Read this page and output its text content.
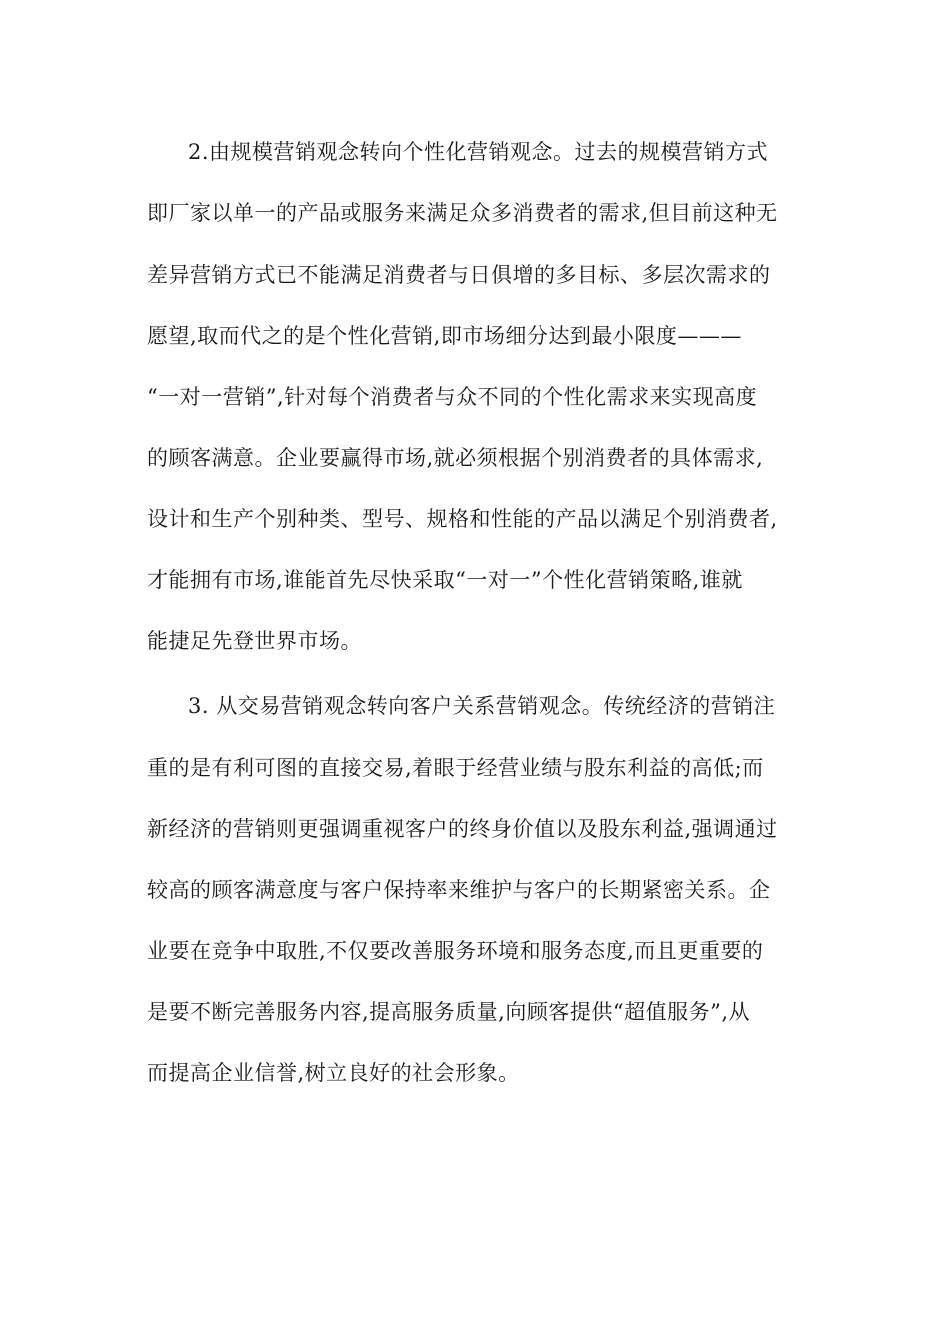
2.由规模营销观念转向个性化营销观念。过去的规模营销方式
即厂家以单一的产品或服务来满足众多消费者的需求,但目前这种无
差异营销方式已不能满足消费者与日俱增的多目标、多层次需求的
愿望,取而代之的是个性化营销,即市场细分达到最小限度———
“一对一营销”,针对每个消费者与众不同的个性化需求来实现高度
的顾客满意。企业要赢得市场,就必须根据个别消费者的具体需求,
设计和生产个别种类、型号、规格和性能的产品以满足个别消费者,
才能拥有市场,谁能首先尽快采取“一对一”个性化营销策略,谁就
能捷足先登世界市场。
3. 从交易营销观念转向客户关系营销观念。传统经济的营销注
重的是有利可图的直接交易,着眼于经营业绩与股东利益的高低;而
新经济的营销则更强调重视客户的终身价值以及股东利益,强调通过
较高的顾客满意度与客户保持率来维护与客户的长期紧密关系。企
业要在竞争中取胜,不仅要改善服务环境和服务态度,而且更重要的
是要不断完善服务内容,提高服务质量,向顾客提供“超值服务”,从
而提高企业信誉,树立良好的社会形象。
